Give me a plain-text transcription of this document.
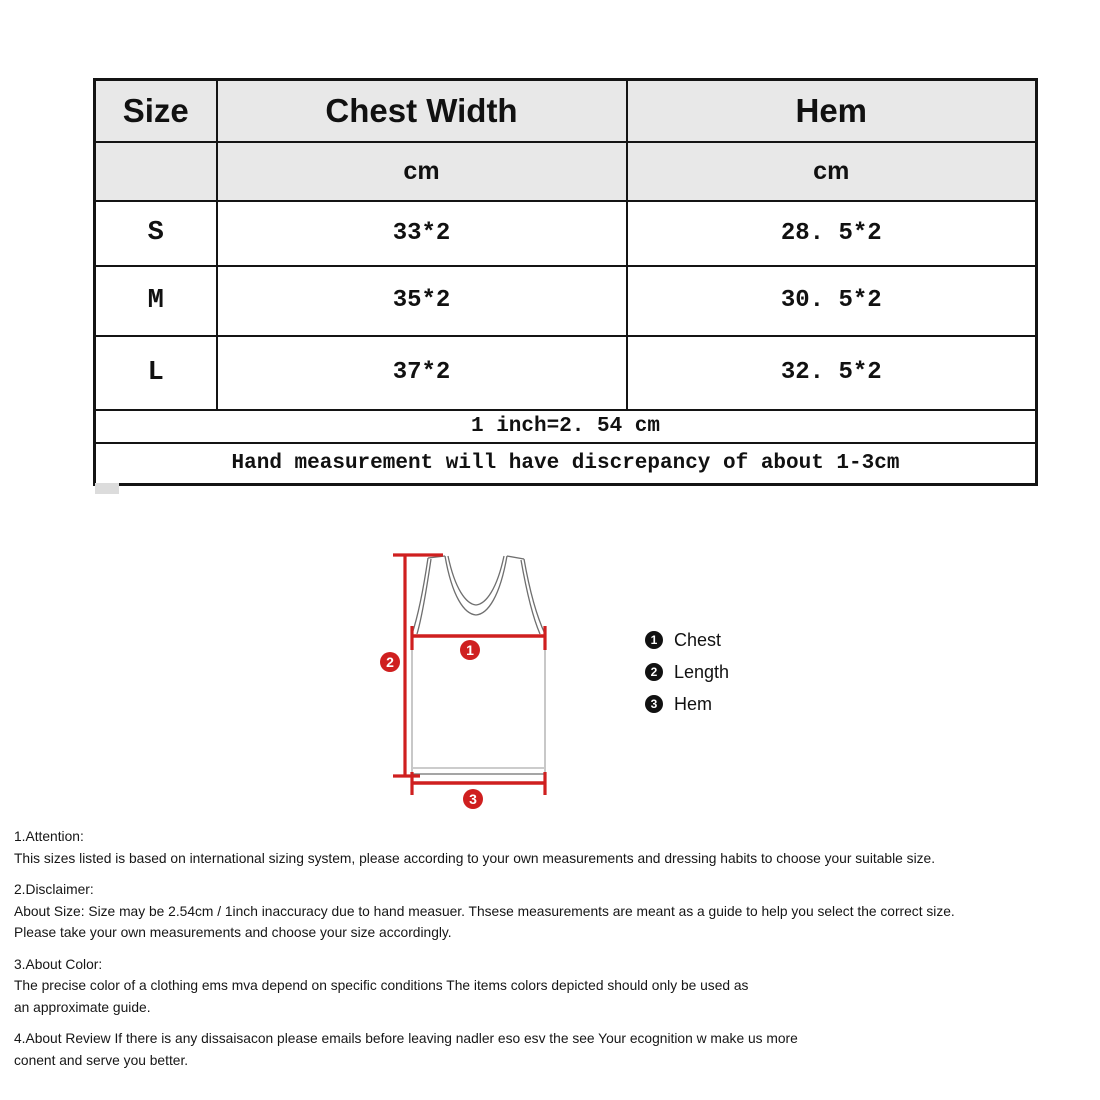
Size	Chest Width	Hem
	cm	cm
S	33*2	28. 5*2
M	35*2	30. 5*2
L	37*2	32. 5*2
1 inch=2. 54 cm		
Hand measurement will have discrepancy of about 1-3cm		
1
2
3
1 Chest
2 Length
3 Hem
1.Attention:
This sizes listed is based on international sizing system, please according to your own measurements and dressing habits to choose your suitable size.
2.Disclaimer:
About Size: Size may be 2.54cm / 1inch inaccuracy due to hand measuer. Thsese measurements are meant as a guide to help you select the correct size.
Please take your own measurements and choose your size accordingly.
3.About Color:
The precise color of a clothing ems mva depend on specific conditions The items colors depicted should only be used as
an approximate guide.
4.About Review If there is any dissaisacon please emails before leaving nadler eso esv the see Your ecognition w make us more
conent and serve you better.
